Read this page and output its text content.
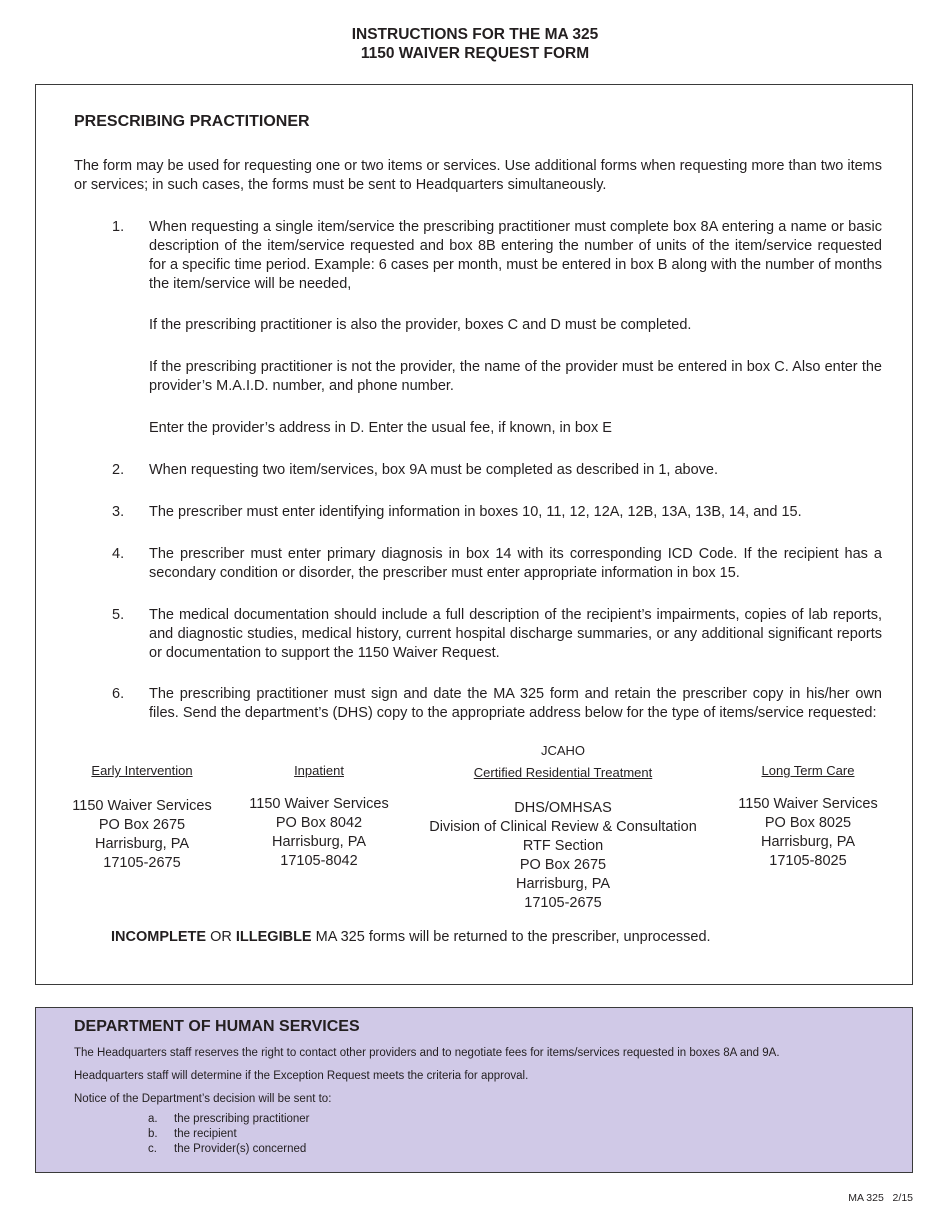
INSTRUCTIONS FOR THE MA 325
1150 WAIVER REQUEST FORM
PRESCRIBING PRACTITIONER
The form may be used for requesting one or two items or services. Use additional forms when requesting more than two items or services; in such cases, the forms must be sent to Headquarters simultaneously.
1. When requesting a single item/service the prescribing practitioner must complete box 8A entering a name or basic description of the item/service requested and box 8B entering the number of units of the item/service requested for a specific time period. Example: 6 cases per month, must be entered in box B along with the number of months the item/service will be needed,
If the prescribing practitioner is also the provider, boxes C and D must be completed.
If the prescribing practitioner is not the provider, the name of the provider must be entered in box C. Also enter the provider’s M.A.I.D. number, and phone number.
Enter the provider’s address in D. Enter the usual fee, if known, in box E
2. When requesting two item/services, box 9A must be completed as described in 1, above.
3. The prescriber must enter identifying information in boxes 10, 11, 12, 12A, 12B, 13A, 13B, 14, and 15.
4. The prescriber must enter primary diagnosis in box 14 with its corresponding ICD Code. If the recipient has a secondary condition or disorder, the prescriber must enter appropriate information in box 15.
5. The medical documentation should include a full description of the recipient’s impairments, copies of lab reports, and diagnostic studies, medical history, current hospital discharge summaries, or any additional significant reports or documentation to support the 1150 Waiver Request.
6. The prescribing practitioner must sign and date the MA 325 form and retain the prescriber copy in his/her own files. Send the department’s (DHS) copy to the appropriate address below for the type of items/service requested:
Early Intervention
1150 Waiver Services
PO Box 2675
Harrisburg, PA
17105-2675
Inpatient
1150 Waiver Services
PO Box 8042
Harrisburg, PA
17105-8042
JCAHO
Certified Residential Treatment
DHS/OMHSAS
Division of Clinical Review & Consultation
RTF Section
PO Box 2675
Harrisburg, PA
17105-2675
Long Term Care
1150 Waiver Services
PO Box 8025
Harrisburg, PA
17105-8025
INCOMPLETE OR ILLEGIBLE MA 325 forms will be returned to the prescriber, unprocessed.
DEPARTMENT OF HUMAN SERVICES
The Headquarters staff reserves the right to contact other providers and to negotiate fees for items/services requested in boxes 8A and 9A.
Headquarters staff will determine if the Exception Request meets the criteria for approval.
Notice of the Department’s decision will be sent to:
a. the prescribing practitioner
b. the recipient
c. the Provider(s) concerned
MA 325   2/15
